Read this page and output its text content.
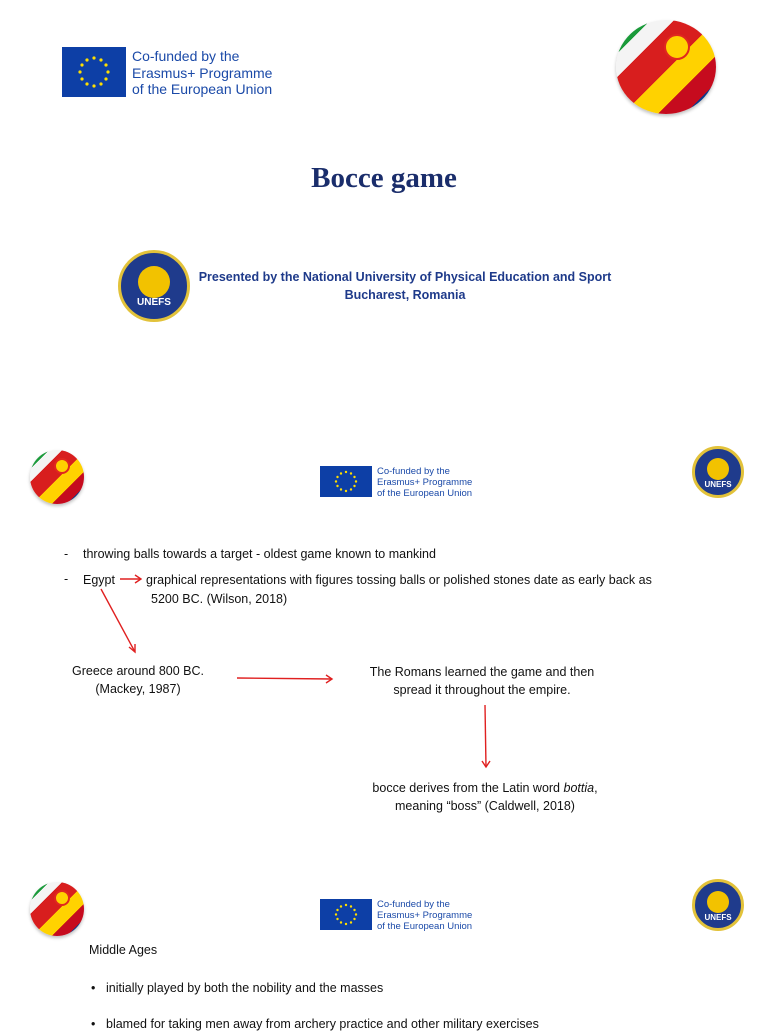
Co-funded by the
Erasmus+ Programme
of the European Union
Bocce game
UNEFS
Presented by the National University of Physical Education and Sport
Bucharest, Romania
Co-funded by the
Erasmus+ Programme
of the European Union
UNEFS
- throwing balls towards a target - oldest game known to mankind
- Egypt graphical representations with figures tossing balls or polished stones date as early back as
5200 BC. (Wilson, 2018)
Greece around 800 BC.
(Mackey, 1987)
The Romans learned the game and then
spread it throughout the empire.
bocce derives from the Latin word bottia,
meaning “boss” (Caldwell, 2018)
Co-funded by the
Erasmus+ Programme
of the European Union
UNEFS
Middle Ages
• initially played by both the nobility and the masses
• blamed for taking men away from archery practice and other military exercises
